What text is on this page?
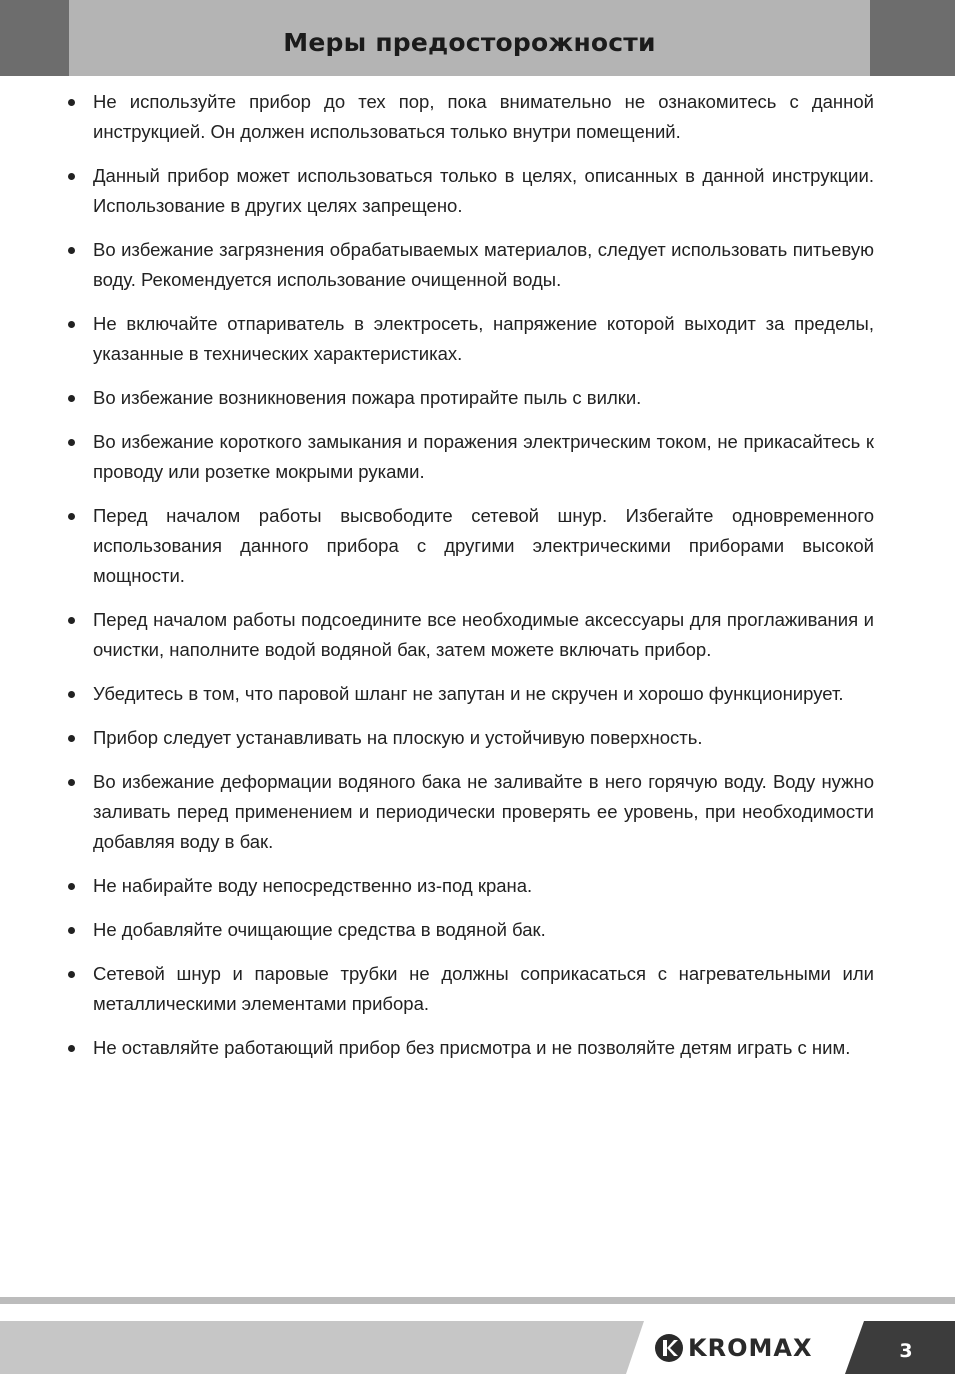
Меры предосторожности
Не используйте прибор до тех пор, пока внимательно не ознакомитесь с данной инструкцией. Он должен использоваться только внутри помещений.
Данный прибор может использоваться только в целях, описанных в данной инструкции. Использование в других целях запрещено.
Во избежание загрязнения обрабатываемых материалов, следует использовать питьевую воду. Рекомендуется использование очищенной воды.
Не включайте отпариватель в электросеть, напряжение которой выходит за пределы, указанные в технических характеристиках.
Во избежание возникновения пожара протирайте пыль с вилки.
Во избежание короткого замыкания и поражения электрическим током, не прикасайтесь к проводу или розетке мокрыми руками.
Перед началом работы высвободите сетевой шнур. Избегайте одновременного использования данного прибора с другими электрическими приборами высокой мощности.
Перед началом работы подсоедините все необходимые аксессуары для проглаживания и очистки, наполните водой водяной бак, затем можете включать прибор.
Убедитесь в том, что паровой шланг не запутан и не скручен и хорошо функционирует.
Прибор следует устанавливать на плоскую и устойчивую поверхность.
Во избежание деформации водяного бака не заливайте в него горячую воду. Воду нужно заливать перед применением и периодически проверять ее уровень, при необходимости добавляя воду в бак.
Не набирайте воду непосредственно из-под крана.
Не добавляйте очищающие средства в водяной бак.
Сетевой шнур и паровые трубки не должны соприкасаться с нагревательными или металлическими элементами прибора.
Не оставляйте работающий прибор без присмотра и не позволяйте детям играть с ним.
KROMAX	3
